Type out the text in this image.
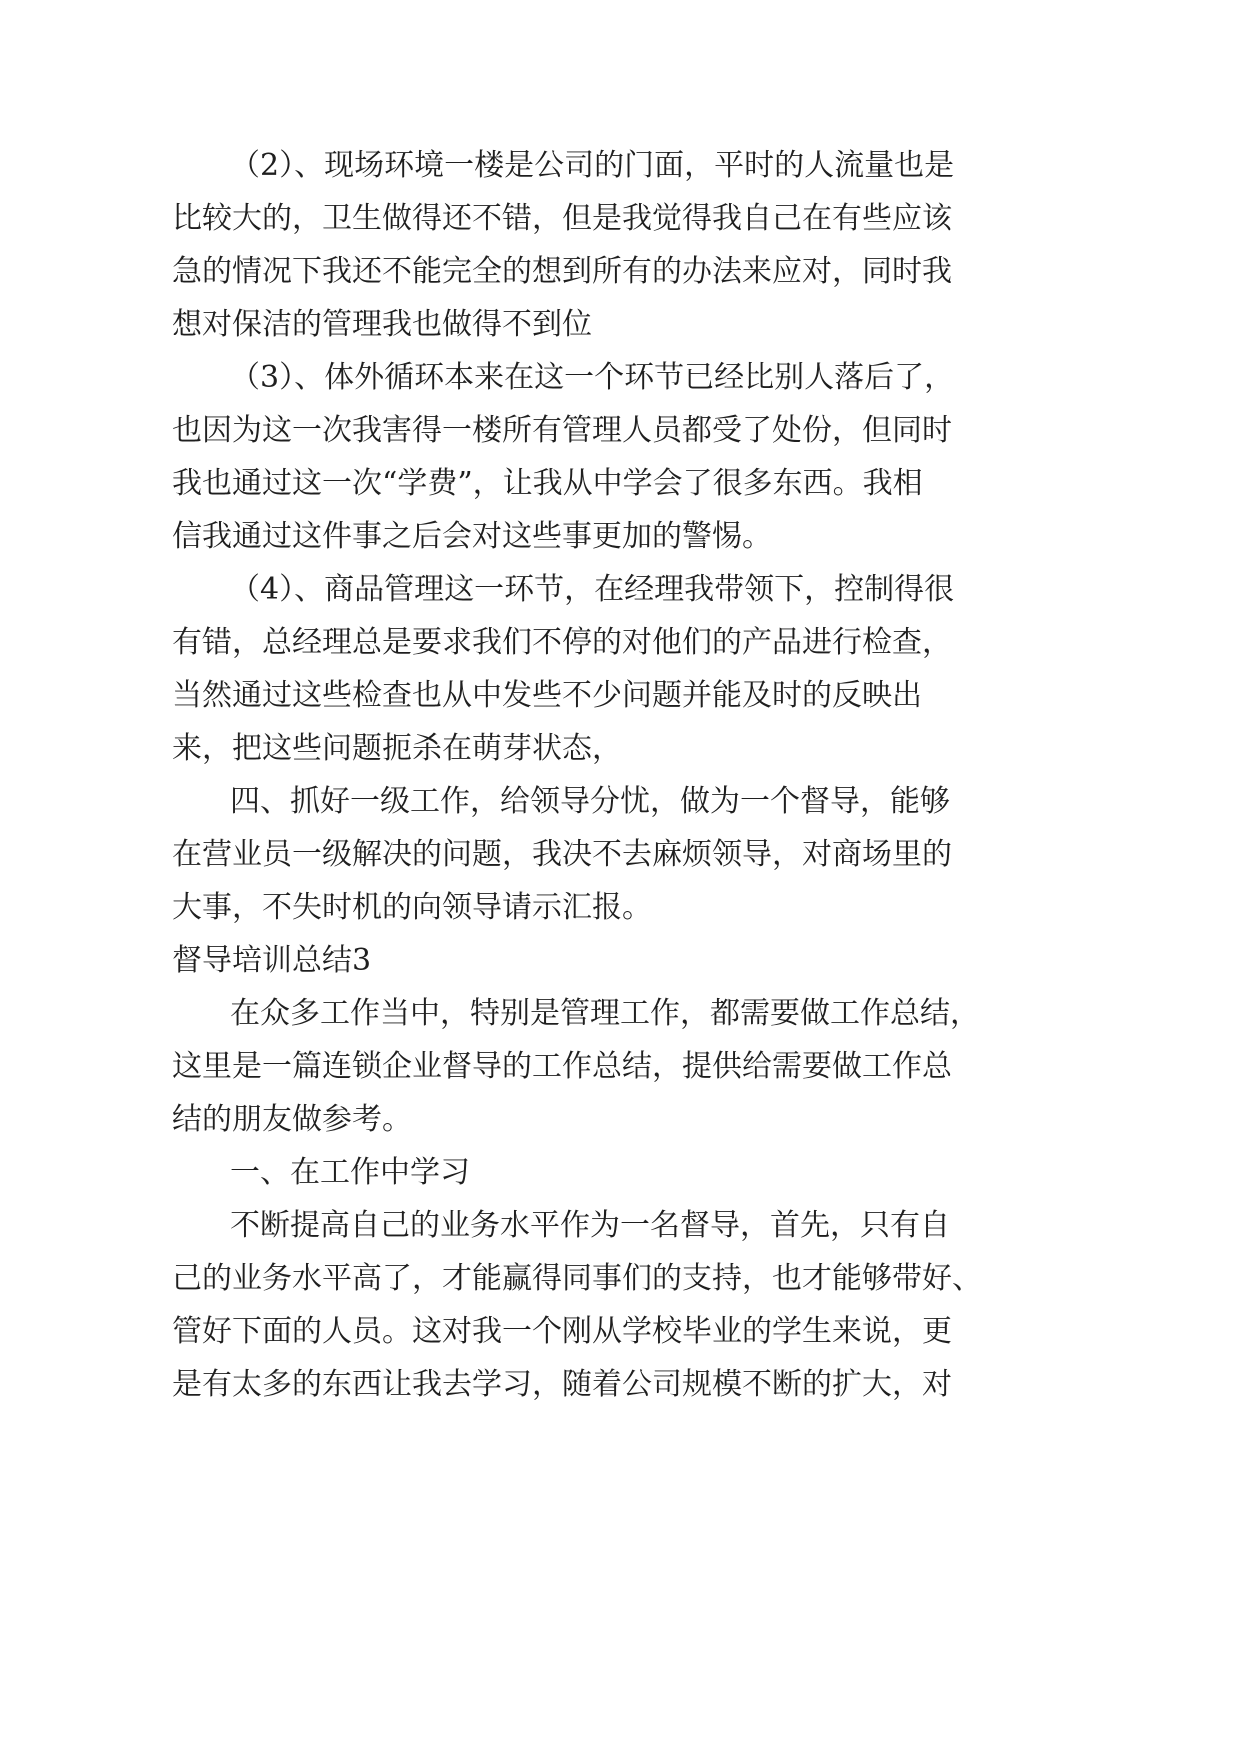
（2）、现场环境一楼是公司的门面，平时的人流量也是

比较大的，卫生做得还不错，但是我觉得我自己在有些应该

急的情况下我还不能完全的想到所有的办法来应对，同时我

想对保洁的管理我也做得不到位

（3）、体外循环本来在这一个环节已经比别人落后了，

也因为这一次我害得一楼所有管理人员都受了处份，但同时

我也通过这一次“学费”，让我从中学会了很多东西。我相

信我通过这件事之后会对这些事更加的警惕。

（4）、商品管理这一环节，在经理我带领下，控制得很

有错，总经理总是要求我们不停的对他们的产品进行检查，

当然通过这些检查也从中发些不少问题并能及时的反映出

来，把这些问题扼杀在萌芽状态，

四、抓好一级工作，给领导分忧，做为一个督导，能够

在营业员一级解决的问题，我决不去麻烦领导，对商场里的

大事，不失时机的向领导请示汇报。

督导培训总结3

在众多工作当中，特别是管理工作，都需要做工作总结，

这里是一篇连锁企业督导的工作总结，提供给需要做工作总

结的朋友做参考。

一、在工作中学习

不断提高自己的业务水平作为一名督导，首先，只有自

己的业务水平高了，才能赢得同事们的支持，也才能够带好、

管好下面的人员。这对我一个刚从学校毕业的学生来说，更

是有太多的东西让我去学习，随着公司规模不断的扩大，对
